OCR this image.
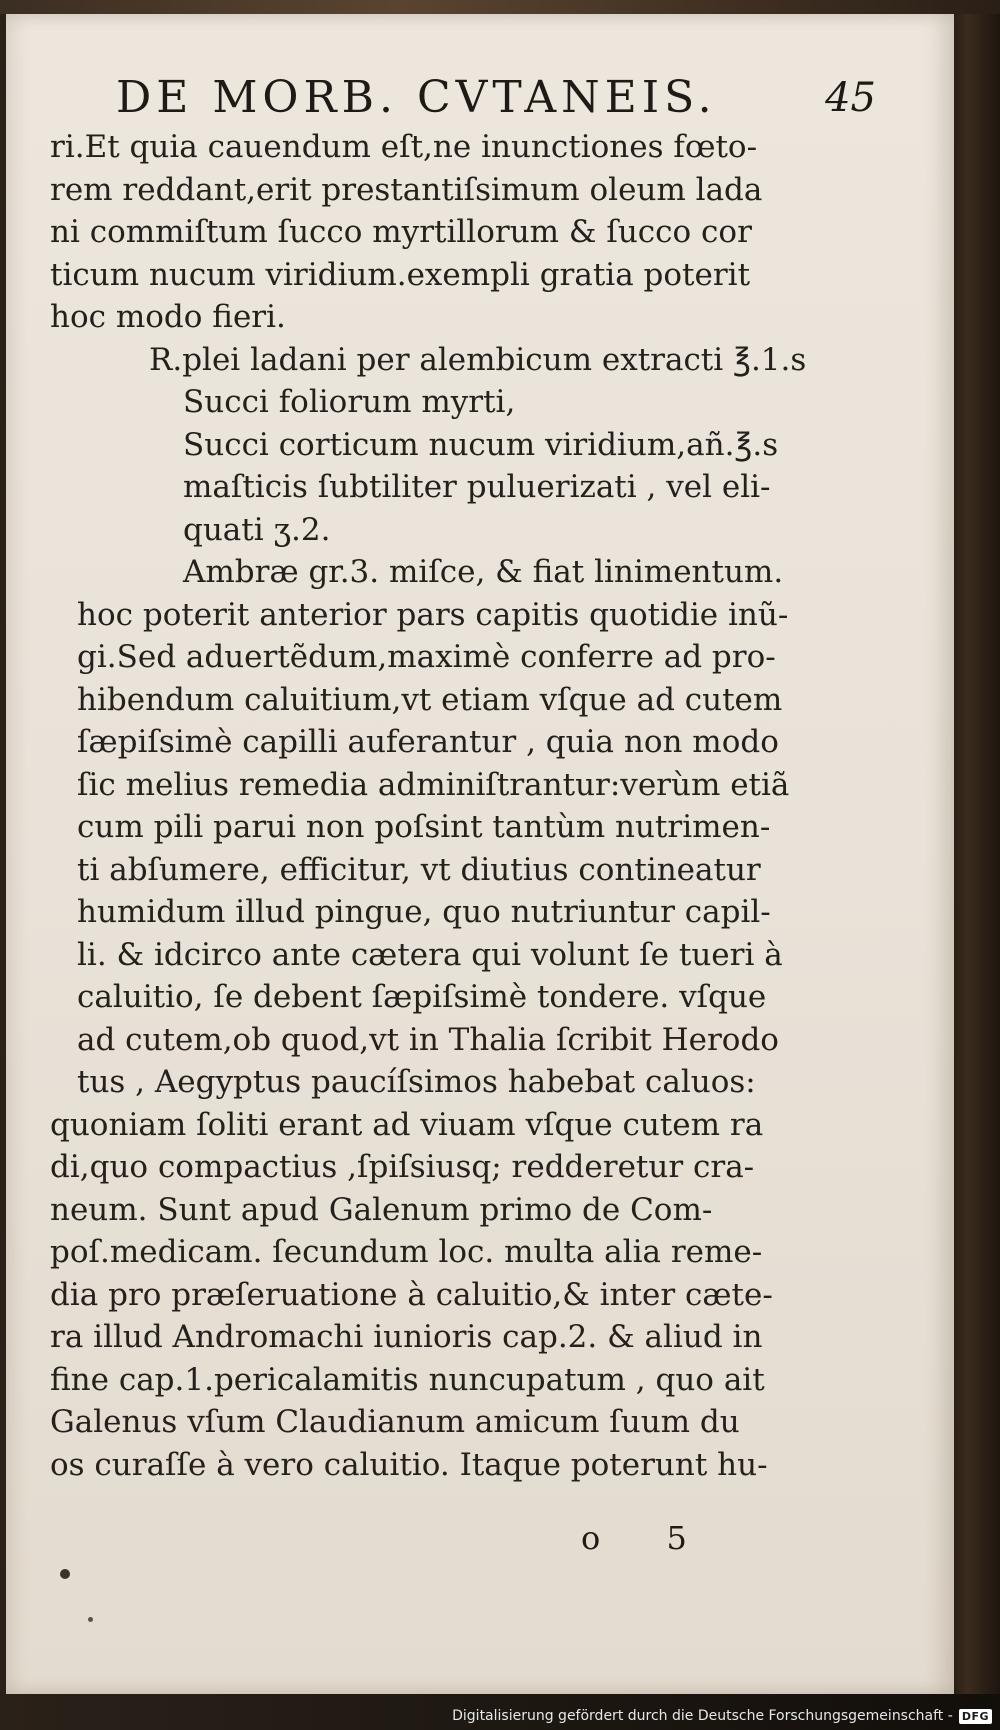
DE MORB. CVTANEIS.	45
ri.Et quia cauendum eſt,ne inunctiones fœto-
rem reddant,erit prestantiſsimum oleum lada
ni commiſtum ſucco myrtillorum & ſucco cor
ticum nucum viridium.exempli gratia poterit
hoc modo fieri.
R.plei ladani per alembicum extracti ℥.1.s
Succi foliorum myrti,
Succi corticum nucum viridium,añ.℥.s
maſticis ſubtiliter puluerizati , vel eli-
quati ʒ.2.
Ambræ gr.3. miſce, & fiat linimentum.
hoc poterit anterior pars capitis quotidie inũ-
gi.Sed aduertẽdum,maximè conferre ad pro-
hibendum caluitium,vt etiam vſque ad cutem
ſæpiſsimè capilli auferantur , quia non modo
ſic melius remedia adminiſtrantur:verùm etiã
cum pili parui non poſsint tantùm nutrimen-
ti abſumere, efficitur, vt diutius contineatur
humidum illud pingue, quo nutriuntur capil-
li. & idcirco ante cætera qui volunt ſe tueri à
caluitio, ſe debent ſæpiſsimè tondere. vſque
ad cutem,ob quod,vt in Thalia ſcribit Herodo
tus , Aegyptus paucíſsimos habebat caluos:
quoniam ſoliti erant ad viuam vſque cutem ra
di,quo compactius ,ſpiſsiusq; redderetur cra-
neum. Sunt apud Galenum primo de Com-
poſ.medicam. ſecundum loc. multa alia reme-
dia pro præſeruatione à caluitio,& inter cæte-
ra illud Andromachi iunioris cap.2. & aliud in
fine cap.1.pericalamitis nuncupatum , quo ait
Galenus vſum Claudianum amicum ſuum du
os curaſſe à vero caluitio. Itaque poterunt hu-
o 5
Digitalisierung gefördert durch die Deutsche Forschungsgemeinschaft - DFG
